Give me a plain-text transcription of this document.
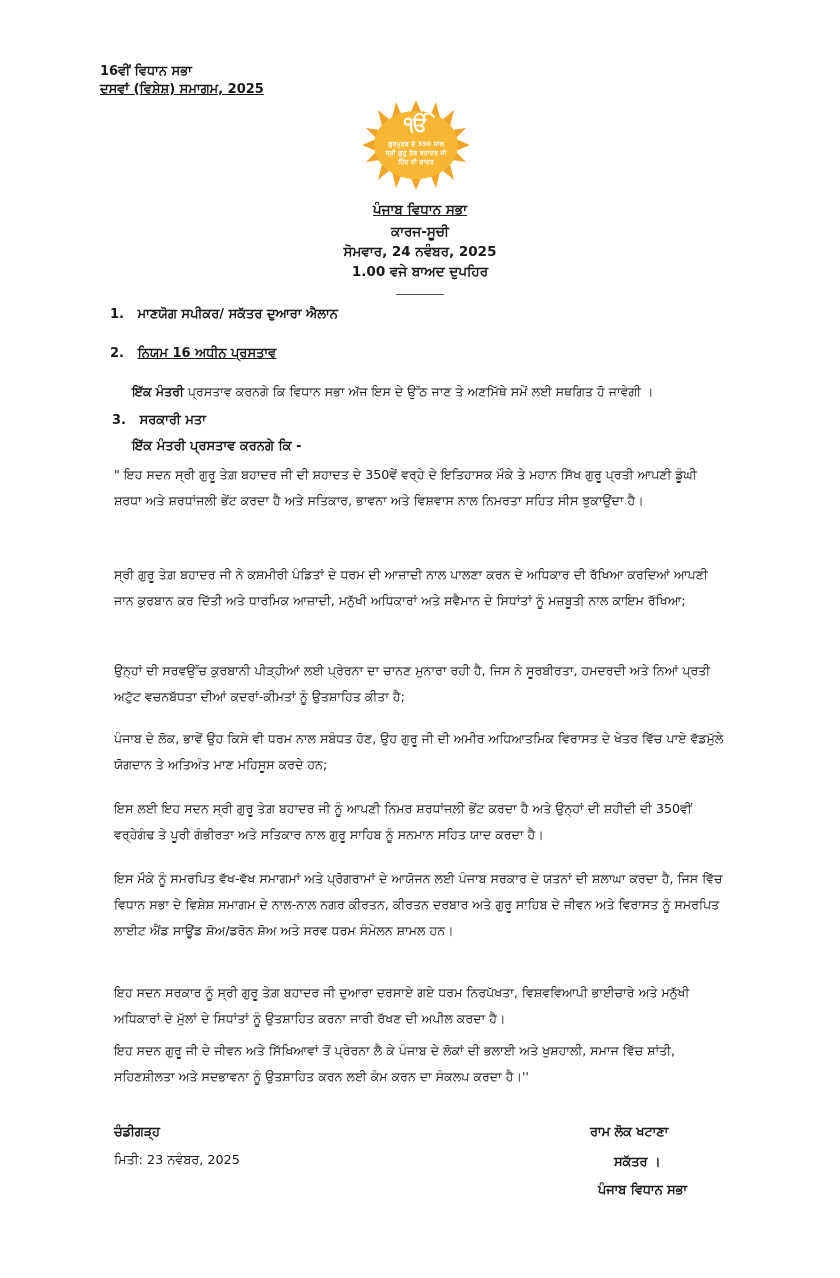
16ਵੀਂ ਵਿਧਾਨ ਸਭਾ
ਦਸਵਾਂ (ਵਿਸ਼ੇਸ਼) ਸਮਾਗਮ, 2025
ੴ
ਗੁਰਪੁਰਬ ਦੇ 350 ਸਾਲ
ਸ੍ਰੀ ਗੁਰੂ ਤੇਗ ਬਹਾਦਰ ਜੀ
ਹਿੰਦ ਦੀ ਚਾਦਰ
ਪੰਜਾਬ ਵਿਧਾਨ ਸਭਾ
ਕਾਰਜ-ਸੂਚੀ
ਸੋਮਵਾਰ, 24 ਨਵੰਬਰ, 2025
1.00 ਵਜੇ ਬਾਅਦ ਦੁਪਹਿਰ
1. ਮਾਣਯੋਗ ਸਪੀਕਰ/ ਸਕੱਤਰ ਦੁਆਰਾ ਐਲਾਨ
2. ਨਿਯਮ 16 ਅਧੀਨ ਪ੍ਰਸਤਾਵ
ਇੱਕ ਮੰਤਰੀ ਪ੍ਰਸਤਾਵ ਕਰਨਗੇ ਕਿ ਵਿਧਾਨ ਸਭਾ ਅੱਜ ਇਸ ਦੇ ਉੱਠ ਜਾਣ ਤੇ ਅਣਮਿੱਥੇ ਸਮੇਂ ਲਈ ਸਥਗਿਤ ਹੋ ਜਾਵੇਗੀ ।
3. ਸਰਕਾਰੀ ਮਤਾ
ਇੱਕ ਮੰਤਰੀ ਪ੍ਰਸਤਾਵ ਕਰਨਗੇ ਕਿ -
" ਇਹ ਸਦਨ ਸ੍ਰੀ ਗੁਰੂ ਤੇਗ਼ ਬਹਾਦਰ ਜੀ ਦੀ ਸ਼ਹਾਦਤ ਦੇ 350ਵੇਂ ਵਰ੍ਹੇ ਦੇ ਇਤਿਹਾਸਕ ਮੌਕੇ ਤੇ ਮਹਾਨ ਸਿੱਖ ਗੁਰੂ ਪ੍ਰਤੀ ਆਪਣੀ ਡੂੰਘੀ ਸ਼ਰਧਾ ਅਤੇ ਸ਼ਰਧਾਂਜਲੀ ਭੇਂਟ ਕਰਦਾ ਹੈ ਅਤੇ ਸਤਿਕਾਰ, ਭਾਵਨਾ ਅਤੇ ਵਿਸ਼ਵਾਸ ਨਾਲ ਨਿਮਰਤਾ ਸਹਿਤ ਸੀਸ ਝੁਕਾਉਂਦਾ ਹੈ।
ਸ੍ਰੀ ਗੁਰੂ ਤੇਗ਼ ਬਹਾਦਰ ਜੀ ਨੇ ਕਸ਼ਮੀਰੀ ਪੰਡਿਤਾਂ ਦੇ ਧਰਮ ਦੀ ਆਜ਼ਾਦੀ ਨਾਲ ਪਾਲਣਾ ਕਰਨ ਦੇ ਅਧਿਕਾਰ ਦੀ ਰੱਖਿਆ ਕਰਦਿਆਂ ਆਪਣੀ ਜਾਨ ਕੁਰਬਾਨ ਕਰ ਦਿੱਤੀ ਅਤੇ ਧਾਰਮਿਕ ਆਜ਼ਾਦੀ, ਮਨੁੱਖੀ ਅਧਿਕਾਰਾਂ ਅਤੇ ਸਵੈਮਾਨ ਦੇ ਸਿਧਾਂਤਾਂ ਨੂੰ ਮਜ਼ਬੂਤੀ ਨਾਲ ਕਾਇਮ ਰੱਖਿਆ;
ਉਨ੍ਹਾਂ ਦੀ ਸਰਵਉੱਚ ਕੁਰਬਾਨੀ ਪੀੜ੍ਹੀਆਂ ਲਈ ਪ੍ਰੇਰਨਾ ਦਾ ਚਾਨਣ ਮੁਨਾਰਾ ਰਹੀ ਹੈ, ਜਿਸ ਨੇ ਸੂਰਬੀਰਤਾ, ਹਮਦਰਦੀ ਅਤੇ ਨਿਆਂ ਪ੍ਰਤੀ ਅਟੁੱਟ ਵਚਨਬੱਧਤਾ ਦੀਆਂ ਕਦਰਾਂ-ਕੀਮਤਾਂ ਨੂੰ ਉਤਸ਼ਾਹਿਤ ਕੀਤਾ ਹੈ;
ਪੰਜਾਬ ਦੇ ਲੋਕ, ਭਾਵੇਂ ਉਹ ਕਿਸੇ ਵੀ ਧਰਮ ਨਾਲ ਸਬੰਧਤ ਹੋਣ, ਉਹ ਗੁਰੂ ਜੀ ਦੀ ਅਮੀਰ ਅਧਿਆਤਮਿਕ ਵਿਰਾਸਤ ਦੇ ਖੇਤਰ ਵਿੱਚ ਪਾਏ ਵੱਡਮੁੱਲੇ ਯੋਗਦਾਨ ਤੇ ਅਤਿਅੰਤ ਮਾਣ ਮਹਿਸੂਸ ਕਰਦੇ ਹਨ;
ਇਸ ਲਈ ਇਹ ਸਦਨ ਸ੍ਰੀ ਗੁਰੂ ਤੇਗ਼ ਬਹਾਦਰ ਜੀ ਨੂੰ ਆਪਣੀ ਨਿਮਰ ਸ਼ਰਧਾਂਜਲੀ ਭੇਂਟ ਕਰਦਾ ਹੈ ਅਤੇ ਉਨ੍ਹਾਂ ਦੀ ਸ਼ਹੀਦੀ ਦੀ 350ਵੀਂ ਵਰ੍ਹੇਗੰਢ ਤੇ ਪੂਰੀ ਗੰਭੀਰਤਾ ਅਤੇ ਸਤਿਕਾਰ ਨਾਲ ਗੁਰੂ ਸਾਹਿਬ ਨੂੰ ਸਨਮਾਨ ਸਹਿਤ ਯਾਦ ਕਰਦਾ ਹੈ।
ਇਸ ਮੌਕੇ ਨੂੰ ਸਮਰਪਿਤ ਵੱਖ-ਵੱਖ ਸਮਾਗਮਾਂ ਅਤੇ ਪ੍ਰੋਗਰਾਮਾਂ ਦੇ ਆਯੋਜਨ ਲਈ ਪੰਜਾਬ ਸਰਕਾਰ ਦੇ ਯਤਨਾਂ ਦੀ ਸ਼ਲਾਘਾ ਕਰਦਾ ਹੈ, ਜਿਸ ਵਿੱਚ ਵਿਧਾਨ ਸਭਾ ਦੇ ਵਿਸ਼ੇਸ਼ ਸਮਾਗਮ ਦੇ ਨਾਲ-ਨਾਲ ਨਗਰ ਕੀਰਤਨ, ਕੀਰਤਨ ਦਰਬਾਰ ਅਤੇ ਗੁਰੂ ਸਾਹਿਬ ਦੇ ਜੀਵਨ ਅਤੇ ਵਿਰਾਸਤ ਨੂੰ ਸਮਰਪਿਤ ਲਾਈਟ ਐਂਡ ਸਾਊਂਡ ਸ਼ੋਅ/ਡਰੋਨ ਸ਼ੋਅ ਅਤੇ ਸਰਵ ਧਰਮ ਸੰਮੇਲਨ ਸ਼ਾਮਲ ਹਨ।
ਇਹ ਸਦਨ ਸਰਕਾਰ ਨੂੰ ਸ੍ਰੀ ਗੁਰੂ ਤੇਗ਼ ਬਹਾਦਰ ਜੀ ਦੁਆਰਾ ਦਰਸਾਏ ਗਏ ਧਰਮ ਨਿਰਪੱਖਤਾ, ਵਿਸ਼ਵਵਿਆਪੀ ਭਾਈਚਾਰੇ ਅਤੇ ਮਨੁੱਖੀ ਅਧਿਕਾਰਾਂ ਦੇ ਮੁੱਲਾਂ ਦੇ ਸਿਧਾਂਤਾਂ ਨੂੰ ਉਤਸ਼ਾਹਿਤ ਕਰਨਾ ਜਾਰੀ ਰੱਖਣ ਦੀ ਅਪੀਲ ਕਰਦਾ ਹੈ।
ਇਹ ਸਦਨ ਗੁਰੂ ਜੀ ਦੇ ਜੀਵਨ ਅਤੇ ਸਿੱਖਿਆਵਾਂ ਤੋਂ ਪ੍ਰੇਰਨਾ ਲੈ ਕੇ ਪੰਜਾਬ ਦੇ ਲੋਕਾਂ ਦੀ ਭਲਾਈ ਅਤੇ ਖੁਸ਼ਹਾਲੀ, ਸਮਾਜ ਵਿੱਚ ਸ਼ਾਂਤੀ, ਸਹਿਣਸ਼ੀਲਤਾ ਅਤੇ ਸਦਭਾਵਨਾ ਨੂੰ ਉਤਸ਼ਾਹਿਤ ਕਰਨ ਲਈ ਕੰਮ ਕਰਨ ਦਾ ਸੰਕਲਪ ਕਰਦਾ ਹੈ।''
ਚੰਡੀਗੜ੍ਹ
ਮਿਤੀ: 23 ਨਵੰਬਰ, 2025
ਰਾਮ ਲੋਕ ਖਟਾਣਾ
ਸਕੱਤਰ ।
ਪੰਜਾਬ ਵਿਧਾਨ ਸਭਾ
